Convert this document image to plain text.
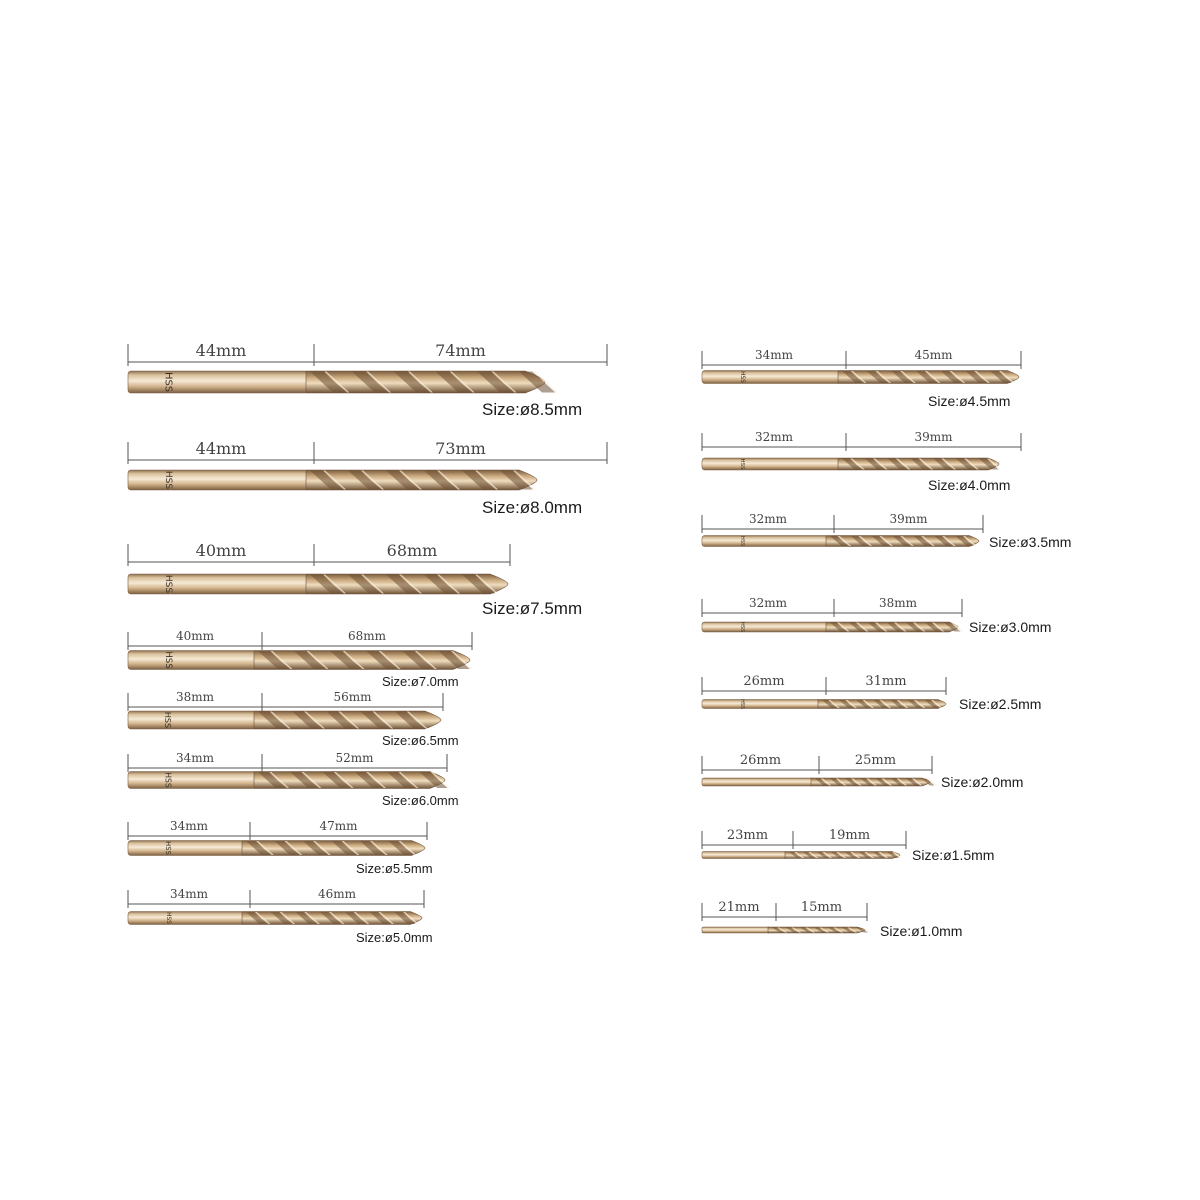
44mm	74mm
HSS
Size:ø8.5mm
44mm	73mm
HSS
Size:ø8.0mm
40mm	68mm
HSS
Size:ø7.5mm
40mm	68mm
HSS
Size:ø7.0mm
38mm	56mm
HSS
Size:ø6.5mm
34mm	52mm
HSS
Size:ø6.0mm
34mm	47mm
HSS
Size:ø5.5mm
34mm	46mm
HSS
Size:ø5.0mm
34mm	45mm
HSS
Size:ø4.5mm
32mm	39mm
HSS
Size:ø4.0mm
32mm	39mm
HSS	Size:ø3.5mm
32mm	38mm
HSS	Size:ø3.0mm
26mm	31mm
HSS	Size:ø2.5mm
26mm	25mm
Size:ø2.0mm
23mm	19mm
Size:ø1.5mm
21mm	15mm
Size:ø1.0mm
